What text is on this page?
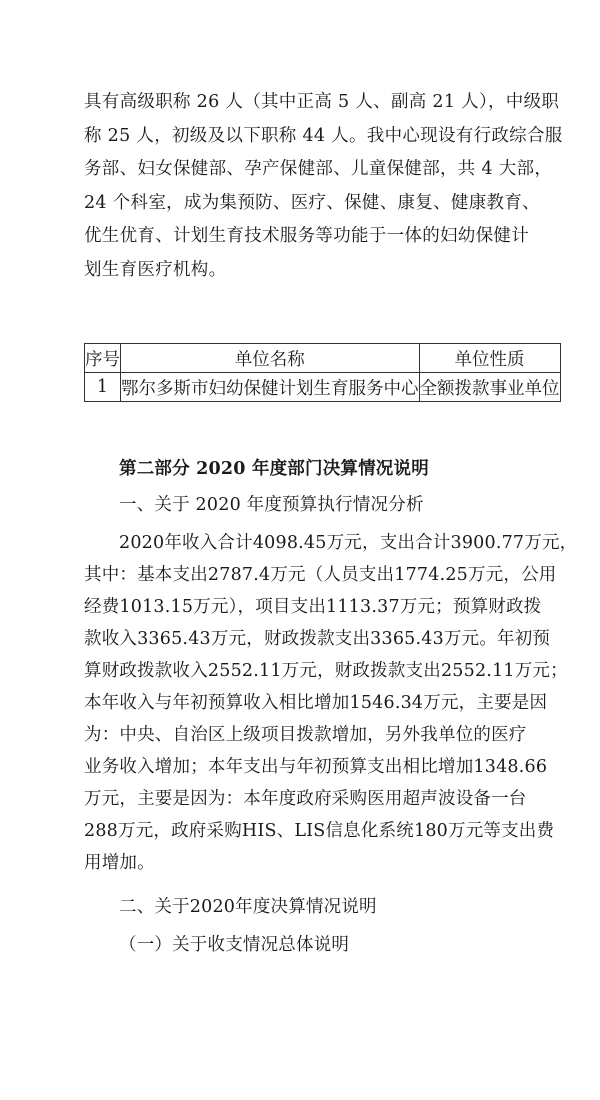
具有高级职称 26 人（其中正高 5 人、副高 21 人），中级职

称 25 人，初级及以下职称 44 人。我中心现设有行政综合服

务部、妇女保健部、孕产保健部、儿童保健部，共 4 大部，

24 个科室，成为集预防、医疗、保健、康复、健康教育、

优生优育、计划生育技术服务等功能于一体的妇幼保健计

划生育医疗机构。

序号	单位名称	单位性质
1	鄂尔多斯市妇幼保健计划生育服务中心	全额拨款事业单位

第二部分 2020 年度部门决算情况说明

一、关于 2020 年度预算执行情况分析

2020年收入合计4098.45万元，支出合计3900.77万元，

其中：基本支出2787.4万元（人员支出1774.25万元，公用

经费1013.15万元），项目支出1113.37万元；预算财政拨

款收入3365.43万元，财政拨款支出3365.43万元。年初预

算财政拨款收入2552.11万元，财政拨款支出2552.11万元；

本年收入与年初预算收入相比增加1546.34万元，主要是因

为：中央、自治区上级项目拨款增加，另外我单位的医疗

业务收入增加；本年支出与年初预算支出相比增加1348.66

万元，主要是因为：本年度政府采购医用超声波设备一台

288万元，政府采购HIS、LIS信息化系统180万元等支出费

用增加。

二、关于2020年度决算情况说明

（一）关于收支情况总体说明
